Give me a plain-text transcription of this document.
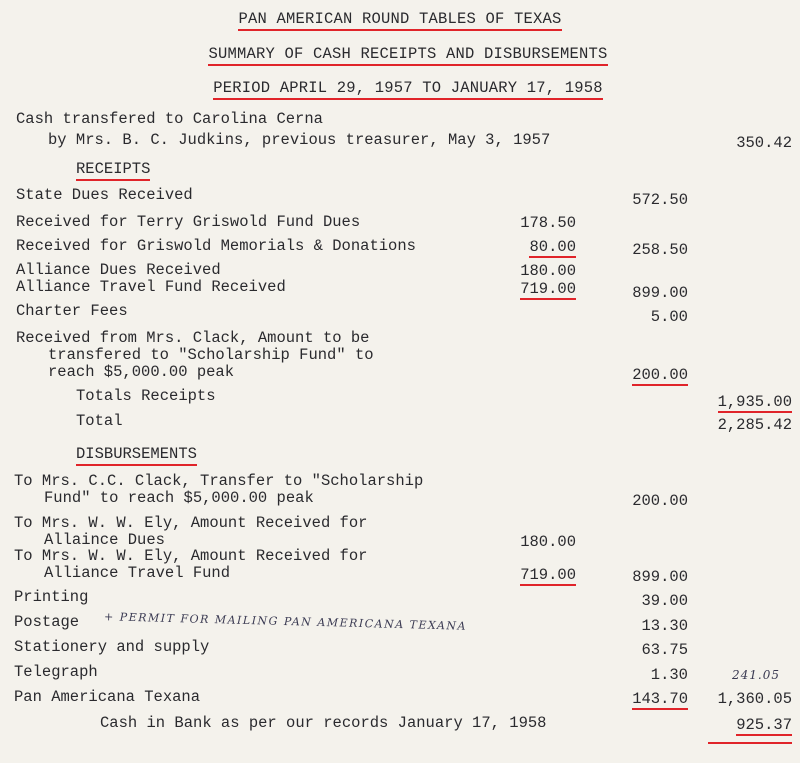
PAN AMERICAN ROUND TABLES OF TEXAS
SUMMARY OF CASH RECEIPTS AND DISBURSEMENTS
PERIOD APRIL 29, 1957 TO JANUARY 17, 1958
Cash transfered to Carolina Cerna
by Mrs. B. C. Judkins, previous treasurer, May 3, 1957	350.42
RECEIPTS
State Dues Received	572.50
Received for Terry Griswold Fund Dues	178.50
Received for Griswold Memorials & Donations	80.00	258.50
Alliance Dues Received	180.00
Alliance Travel Fund Received	719.00	899.00
Charter Fees	5.00
Received from Mrs. Clack, Amount to be
transfered to "Scholarship Fund" to
reach $5,000.00 peak	200.00
Totals Receipts	1,935.00
Total	2,285.42
DISBURSEMENTS
To Mrs. C.C. Clack, Transfer to "Scholarship
Fund" to reach $5,000.00 peak	200.00
To Mrs. W. W. Ely, Amount Received for
Allaince Dues	180.00
To Mrs. W. W. Ely, Amount Received for
Alliance Travel Fund	719.00	899.00
Printing	39.00
Postage + PERMIT FOR MAILING PAN AMERICANA TEXANA	13.30
Stationery and supply	63.75
Telegraph	1.30	241.05
Pan Americana Texana	143.70 1,360.05
Cash in Bank as per our records January 17, 1958	925.37
